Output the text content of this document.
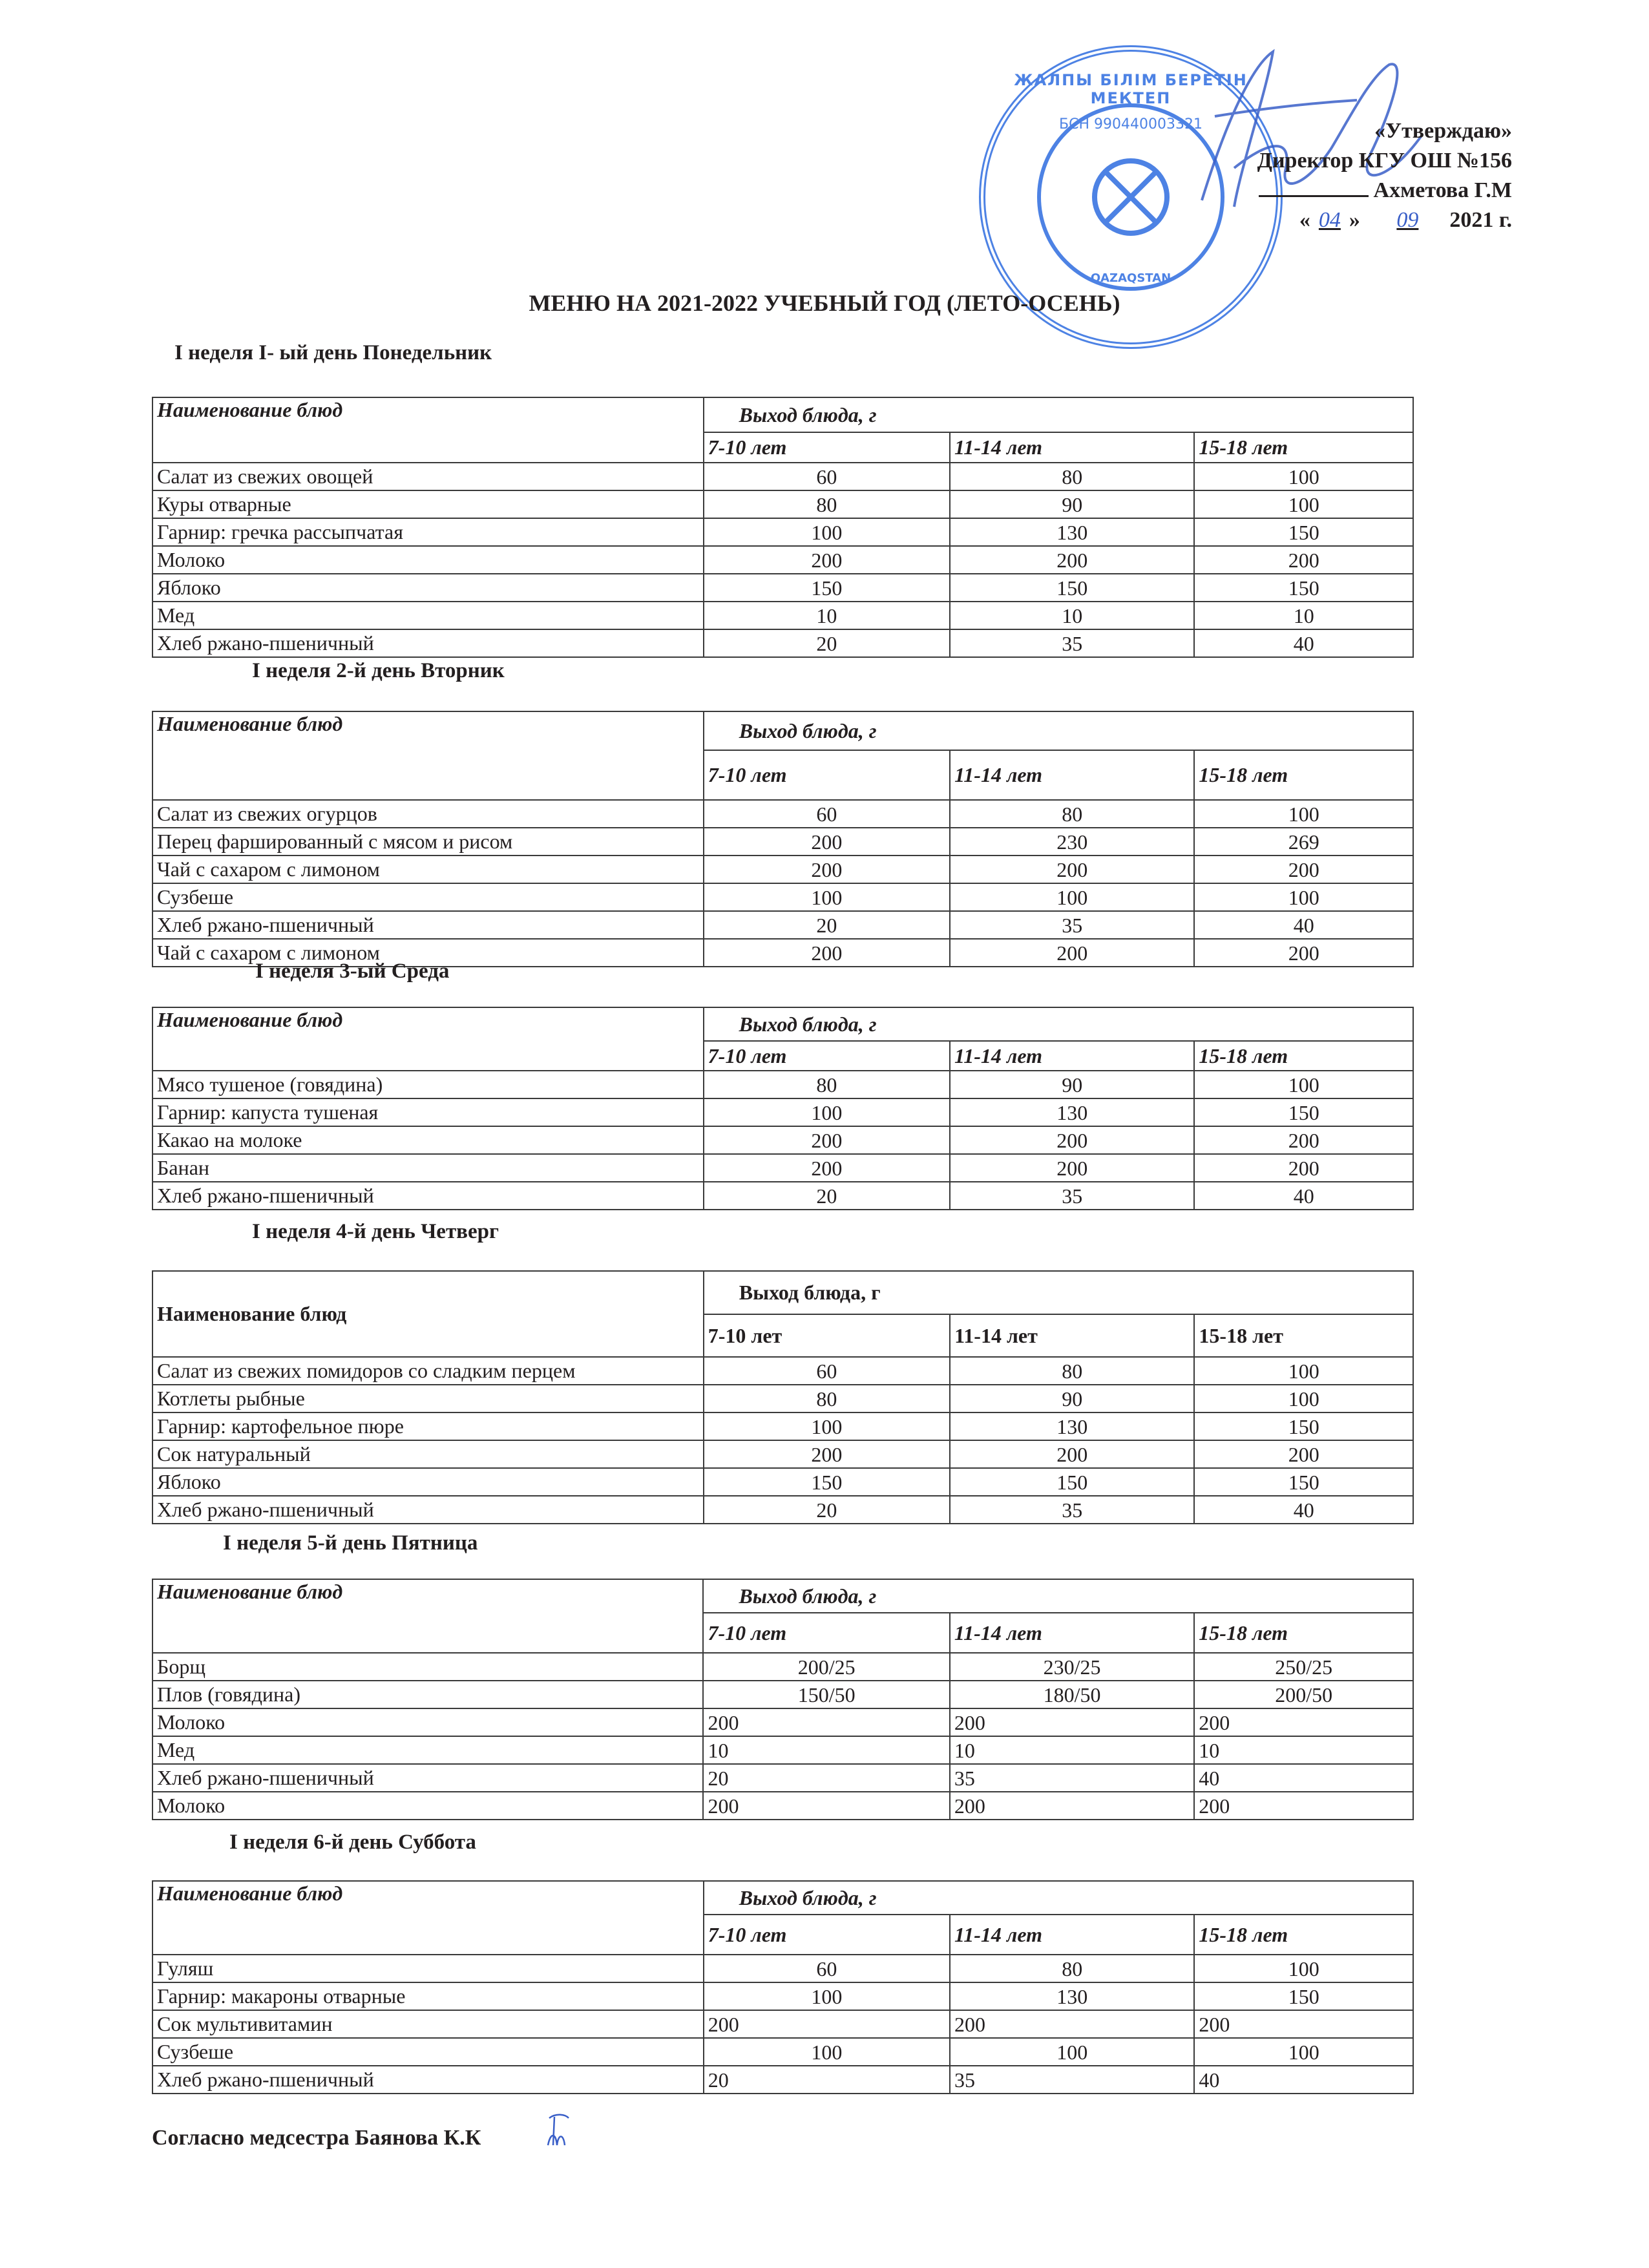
ЖАЛПЫ БІЛІМ БЕРЕТІН МЕКТЕП
БСН 990440003321
QAZAQSTAN
«Утверждаю»
Директор КГУ ОШ №156
Ахметова Г.М
« 04 » 09 2021 г.
МЕНЮ НА 2021-2022 УЧЕБНЫЙ ГОД (ЛЕТО-ОСЕНЬ)
I неделя I- ый день Понедельник
Наименование блюд	Выход блюда, г		
	7-10 лет	11-14 лет	15-18 лет
Салат из свежих овощей	60	80	100
Куры отварные	80	90	100
Гарнир: гречка рассыпчатая	100	130	150
Молоко	200	200	200
Яблоко	150	150	150
Мед	10	10	10
Хлеб ржано-пшеничный	20	35	40
I неделя 2-й день Вторник
Наименование блюд	Выход блюда, г		
	7-10 лет	11-14 лет	15-18 лет
Салат из свежих огурцов	60	80	100
Перец фаршированный с мясом и рисом	200	230	269
Чай с сахаром с лимоном	200	200	200
Сузбеше	100	100	100
Хлеб ржано-пшеничный	20	35	40
Чай с сахаром с лимоном	200	200	200
I неделя 3-ый Среда
Наименование блюд	Выход блюда, г		
	7-10 лет	11-14 лет	15-18 лет
Мясо тушеное (говядина)	80	90	100
Гарнир: капуста тушеная	100	130	150
Какао на молоке	200	200	200
Банан	200	200	200
Хлеб ржано-пшеничный	20	35	40
I неделя 4-й день Четверг
Наименование блюд	Выход блюда, г		
	7-10 лет	11-14 лет	15-18 лет
Салат из свежих помидоров со сладким перцем	60	80	100
Котлеты рыбные	80	90	100
Гарнир: картофельное пюре	100	130	150
Сок натуральный	200	200	200
Яблоко	150	150	150
Хлеб ржано-пшеничный	20	35	40
I неделя 5-й день Пятница
Наименование блюд	Выход блюда, г		
	7-10 лет	11-14 лет	15-18 лет
Борщ	200/25	230/25	250/25
Плов (говядина)	150/50	180/50	200/50
Молоко	200	200	200
Мед	10	10	10
Хлеб ржано-пшеничный	20	35	40
Молоко	200	200	200
I неделя 6-й день Суббота
Наименование блюд	Выход блюда, г		
	7-10 лет	11-14 лет	15-18 лет
Гуляш	60	80	100
Гарнир: макароны отварные	100	130	150
Сок мультивитамин	200	200	200
Сузбеше	100	100	100
Хлеб ржано-пшеничный	20	35	40
Согласно медсестра Баянова К.К
